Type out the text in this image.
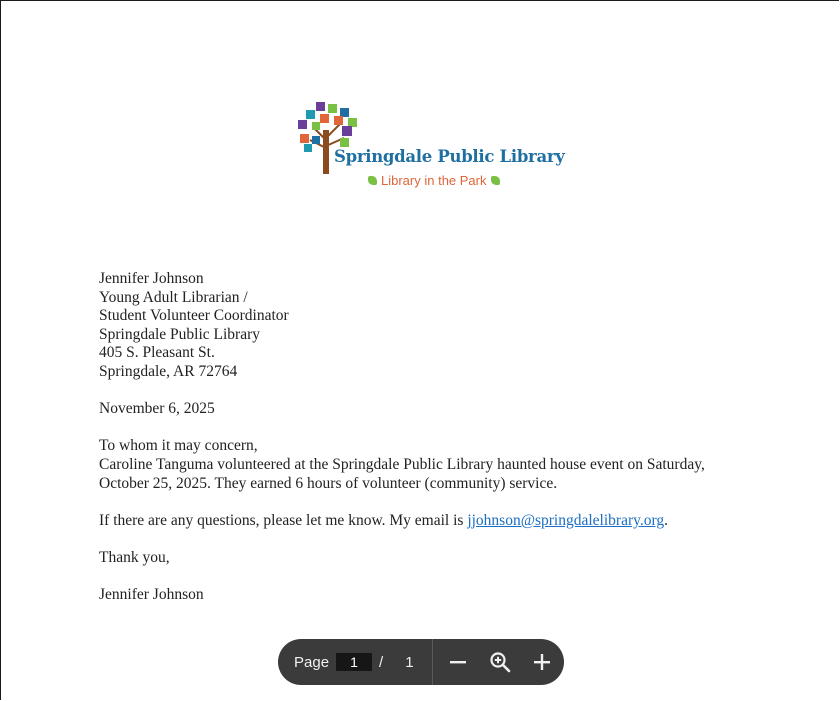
Springdale Public Library
Library in the Park

Jennifer Johnson
Young Adult Librarian /
Student Volunteer Coordinator
Springdale Public Library
405 S. Pleasant St.
Springdale, AR 72764

November 6, 2025

To whom it may concern,
Caroline Tanguma volunteered at the Springdale Public Library haunted house event on Saturday,
October 25, 2025. They earned 6 hours of volunteer (community) service.

If there are any questions, please let me know. My email is jjohnson@springdalelibrary.org.

Thank you,

Jennifer Johnson

Page
1	/ 1
